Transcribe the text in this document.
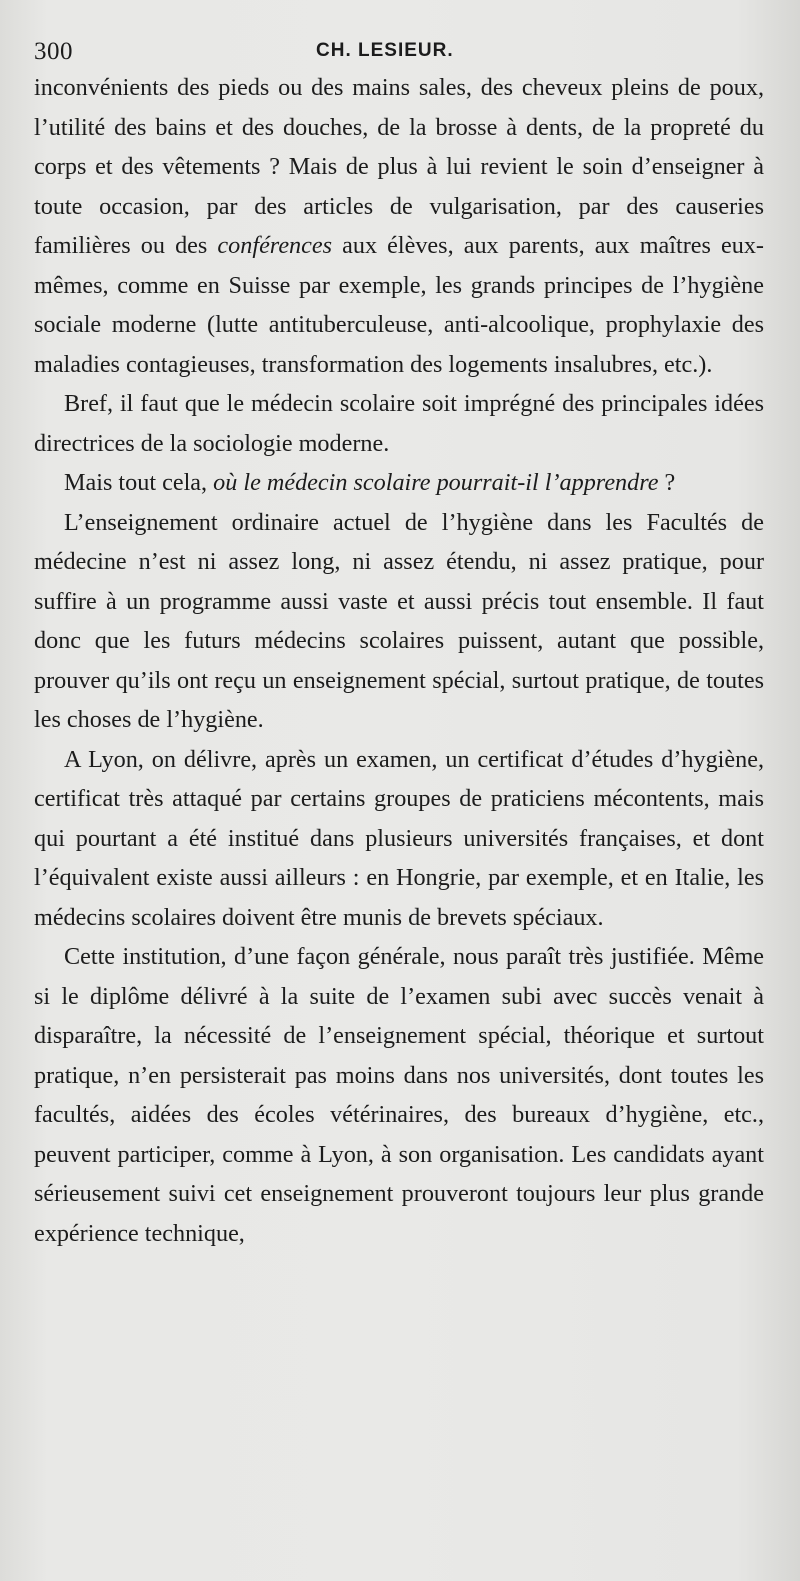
300	CH. LESIEUR.

inconvénients des pieds ou des mains sales, des cheveux pleins de poux, l’utilité des bains et des douches, de la brosse à dents, de la propreté du corps et des vêtements ? Mais de plus à lui revient le soin d’enseigner à toute occasion, par des articles de vulgarisation, par des causeries familières ou des conférences aux élèves, aux parents, aux maîtres eux-mêmes, comme en Suisse par exemple, les grands principes de l’hygiène sociale moderne (lutte antituberculeuse, anti-alcoolique, prophylaxie des maladies contagieuses, transformation des logements insalubres, etc.).

Bref, il faut que le médecin scolaire soit imprégné des principales idées directrices de la sociologie moderne.

Mais tout cela, où le médecin scolaire pourrait-il l’apprendre ?

L’enseignement ordinaire actuel de l’hygiène dans les Facultés de médecine n’est ni assez long, ni assez étendu, ni assez pratique, pour suffire à un programme aussi vaste et aussi précis tout ensemble. Il faut donc que les futurs médecins scolaires puissent, autant que possible, prouver qu’ils ont reçu un enseignement spécial, surtout pratique, de toutes les choses de l’hygiène.

A Lyon, on délivre, après un examen, un certificat d’études d’hygiène, certificat très attaqué par certains groupes de praticiens mécontents, mais qui pourtant a été institué dans plusieurs universités françaises, et dont l’équivalent existe aussi ailleurs : en Hongrie, par exemple, et en Italie, les médecins scolaires doivent être munis de brevets spéciaux.

Cette institution, d’une façon générale, nous paraît très justifiée. Même si le diplôme délivré à la suite de l’examen subi avec succès venait à disparaître, la nécessité de l’enseignement spécial, théorique et surtout pratique, n’en persisterait pas moins dans nos universités, dont toutes les facultés, aidées des écoles vétérinaires, des bureaux d’hygiène, etc., peuvent participer, comme à Lyon, à son organisation. Les candidats ayant sérieusement suivi cet enseignement prouveront toujours leur plus grande expérience technique,
